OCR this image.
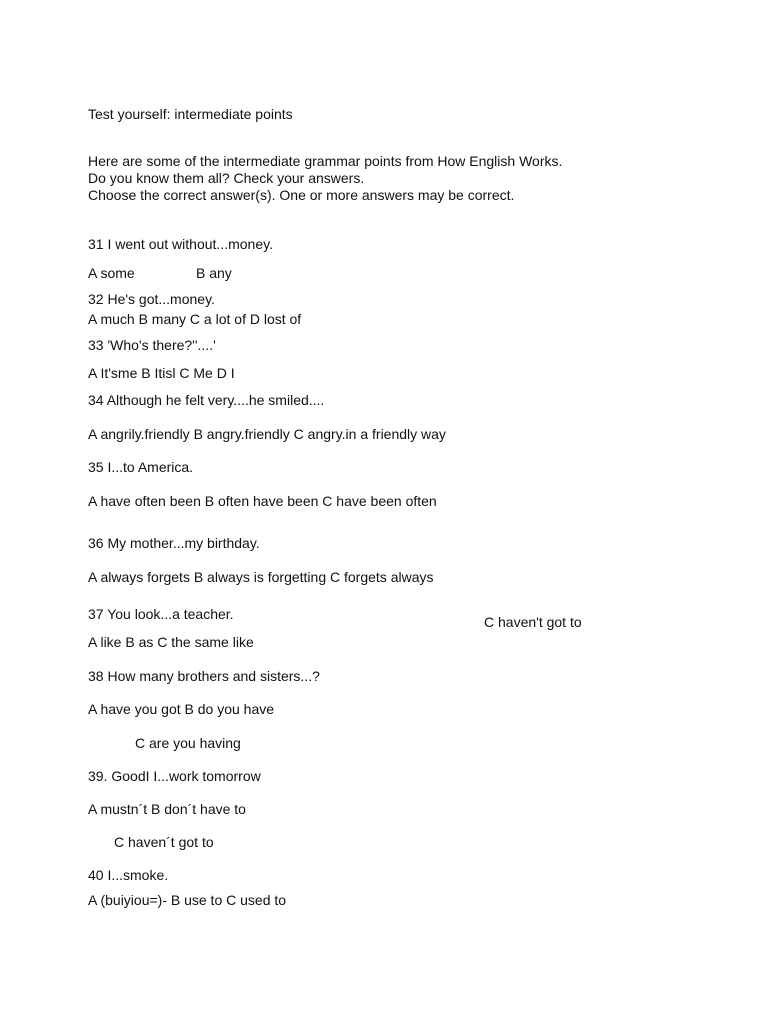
Test yourself: intermediate points
Here are some of the intermediate grammar points from How English Works.
Do you know them all? Check your answers.
Choose the correct answer(s). One or more answers may be correct.
31 I went out without...money.
A some	B any
32 He's got...money.
A much B many C a lot of D lost of
33 'Who's there?''....'
A It'sme B Itisl C Me D I
34 Although he felt very....he smiled....
A angrily.friendly B angry.friendly C angry.in a friendly way
35 I...to America.
A have often been B often have been C have been often
36 My mother...my birthday.
A always forgets B always is forgetting C forgets always
37 You look...a teacher.	C haven't got to
A like B as C the same like
38 How many brothers and sisters...?
A have you got B do you have
C are you having
39. GoodI I...work tomorrow
A mustn´t B don´t have to
C haven´t got to
40 I...smoke.
A (buiyiou=)- B use to C used to
